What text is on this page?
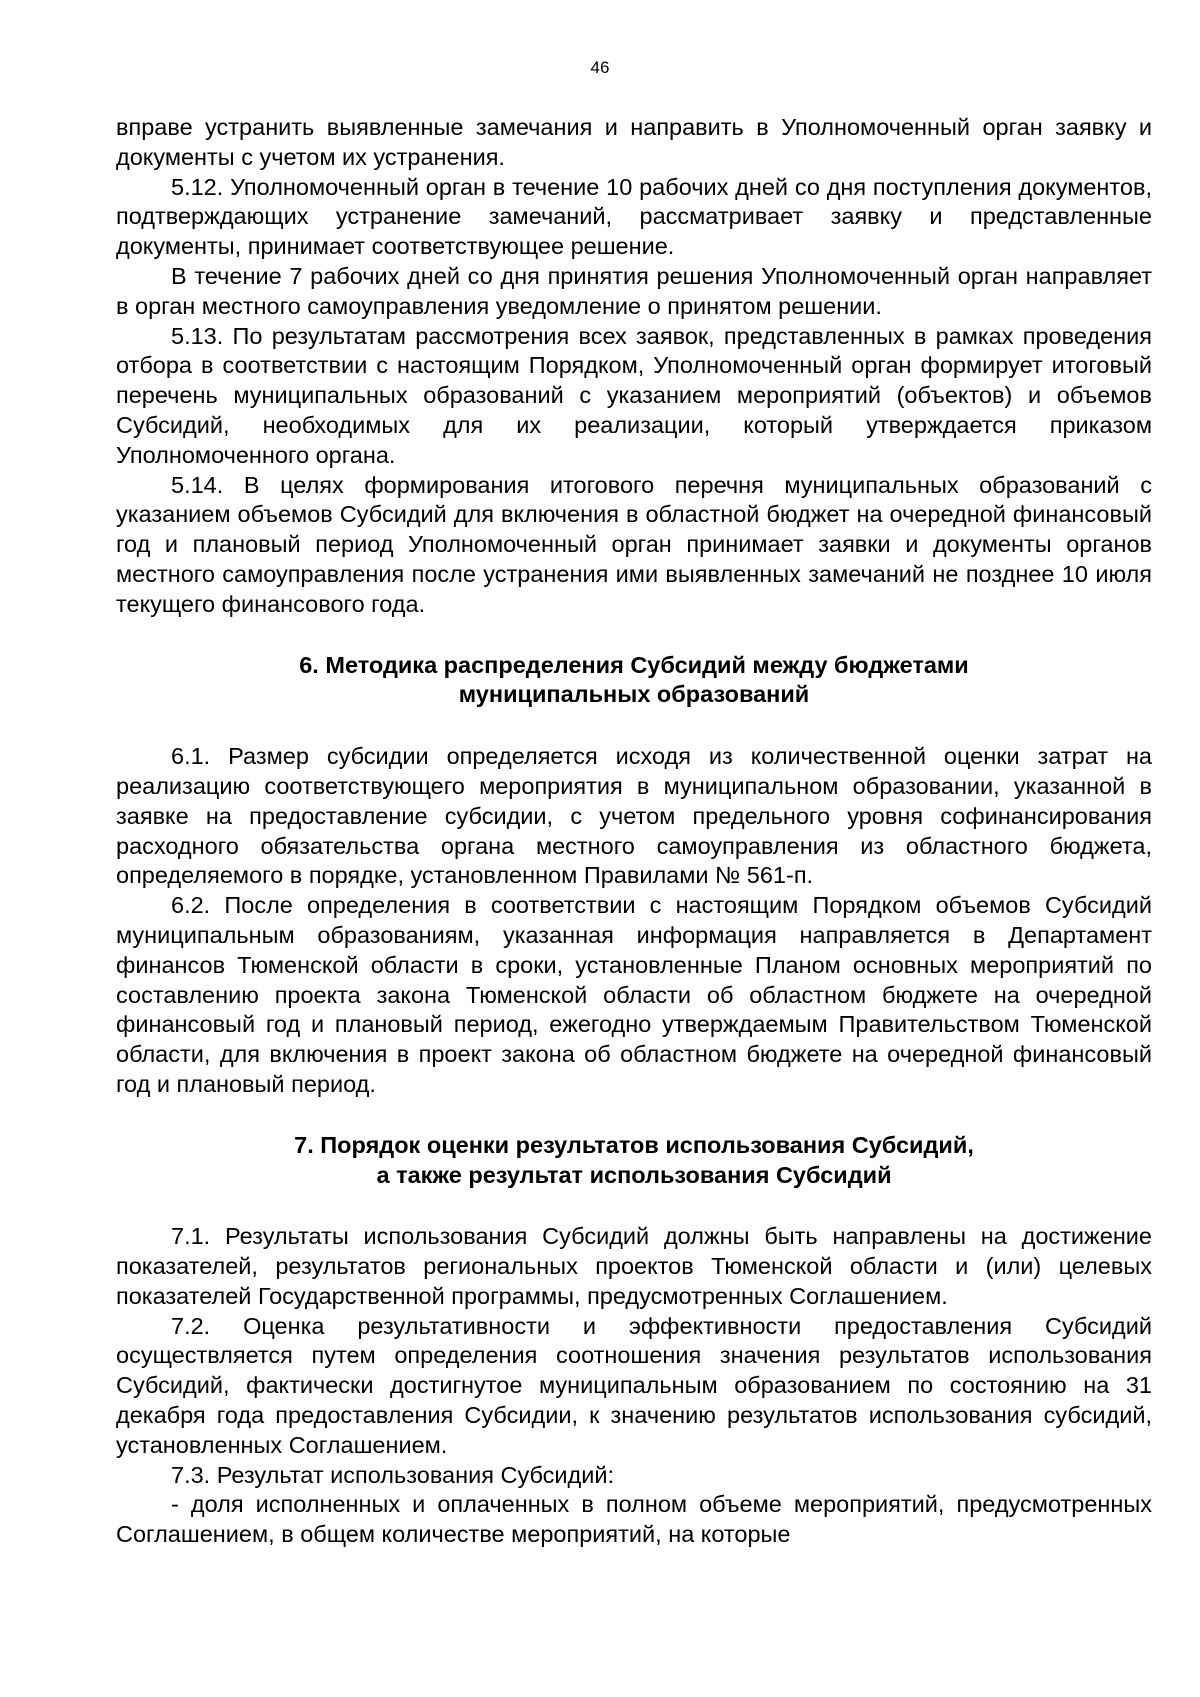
46

вправе устранить выявленные замечания и направить в Уполномоченный орган заявку и документы с учетом их устранения.

5.12. Уполномоченный орган в течение 10 рабочих дней со дня поступления документов, подтверждающих устранение замечаний, рассматривает заявку и представленные документы, принимает соответствующее решение.

В течение 7 рабочих дней со дня принятия решения Уполномоченный орган направляет в орган местного самоуправления уведомление о принятом решении.

5.13. По результатам рассмотрения всех заявок, представленных в рамках проведения отбора в соответствии с настоящим Порядком, Уполномоченный орган формирует итоговый перечень муниципальных образований с указанием мероприятий (объектов) и объемов Субсидий, необходимых для их реализации, который утверждается приказом Уполномоченного органа.

5.14. В целях формирования итогового перечня муниципальных образований с указанием объемов Субсидий для включения в областной бюджет на очередной финансовый год и плановый период Уполномоченный орган принимает заявки и документы органов местного самоуправления после устранения ими выявленных замечаний не позднее 10 июля текущего финансового года.

6. Методика распределения Субсидий между бюджетами
муниципальных образований

6.1. Размер субсидии определяется исходя из количественной оценки затрат на реализацию соответствующего мероприятия в муниципальном образовании, указанной в заявке на предоставление субсидии, с учетом предельного уровня софинансирования расходного обязательства органа местного самоуправления из областного бюджета, определяемого в порядке, установленном Правилами № 561-п.

6.2. После определения в соответствии с настоящим Порядком объемов Субсидий муниципальным образованиям, указанная информация направляется в Департамент финансов Тюменской области в сроки, установленные Планом основных мероприятий по составлению проекта закона Тюменской области об областном бюджете на очередной финансовый год и плановый период, ежегодно утверждаемым Правительством Тюменской области, для включения в проект закона об областном бюджете на очередной финансовый год и плановый период.

7. Порядок оценки результатов использования Субсидий,
а также результат использования Субсидий

7.1. Результаты использования Субсидий должны быть направлены на достижение показателей, результатов региональных проектов Тюменской области и (или) целевых показателей Государственной программы, предусмотренных Соглашением.

7.2. Оценка результативности и эффективности предоставления Субсидий осуществляется путем определения соотношения значения результатов использования Субсидий, фактически достигнутое муниципальным образованием по состоянию на 31 декабря года предоставления Субсидии, к значению результатов использования субсидий, установленных Соглашением.

7.3. Результат использования Субсидий:

- доля исполненных и оплаченных в полном объеме мероприятий, предусмотренных Соглашением, в общем количестве мероприятий, на которые
